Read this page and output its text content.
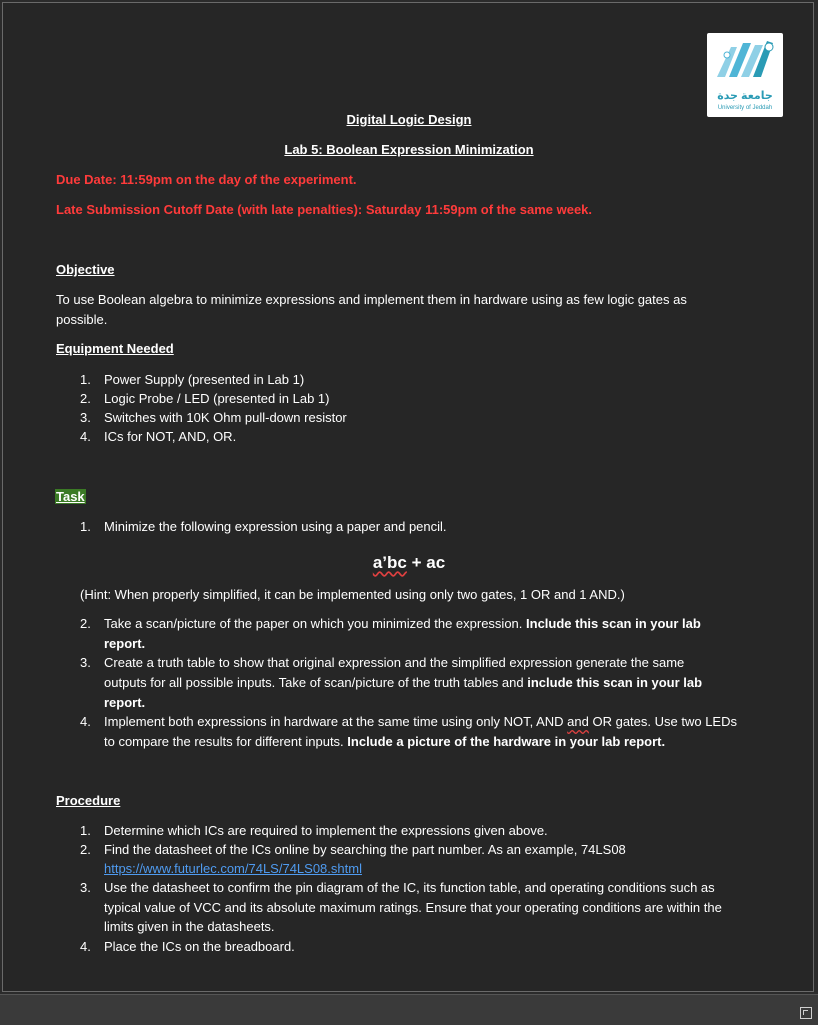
جامعة جدة
University of Jeddah
Digital Logic Design
Lab 5: Boolean Expression Minimization
Due Date: 11:59pm on the day of the experiment.
Late Submission Cutoff Date (with late penalties): Saturday 11:59pm of the same week.
Objective
To use Boolean algebra to minimize expressions and implement them in hardware using as few logic gates as
possible.
Equipment Needed
1. Power Supply (presented in Lab 1)
2. Logic Probe / LED (presented in Lab 1)
3. Switches with 10K Ohm pull-down resistor
4. ICs for NOT, AND, OR.
Task
1. Minimize the following expression using a paper and pencil.
a’bc + ac
(Hint: When properly simplified, it can be implemented using only two gates, 1 OR and 1 AND.)
2. Take a scan/picture of the paper on which you minimized the expression. Include this scan in your lab
report.
3. Create a truth table to show that original expression and the simplified expression generate the same
outputs for all possible inputs. Take of scan/picture of the truth tables and include this scan in your lab
report.
4. Implement both expressions in hardware at the same time using only NOT, AND and OR gates. Use two LEDs
to compare the results for different inputs. Include a picture of the hardware in your lab report.
Procedure
1. Determine which ICs are required to implement the expressions given above.
2. Find the datasheet of the ICs online by searching the part number. As an example, 74LS08
https://www.futurlec.com/74LS/74LS08.shtml
3. Use the datasheet to confirm the pin diagram of the IC, its function table, and operating conditions such as
typical value of VCC and its absolute maximum ratings. Ensure that your operating conditions are within the
limits given in the datasheets.
4. Place the ICs on the breadboard.
